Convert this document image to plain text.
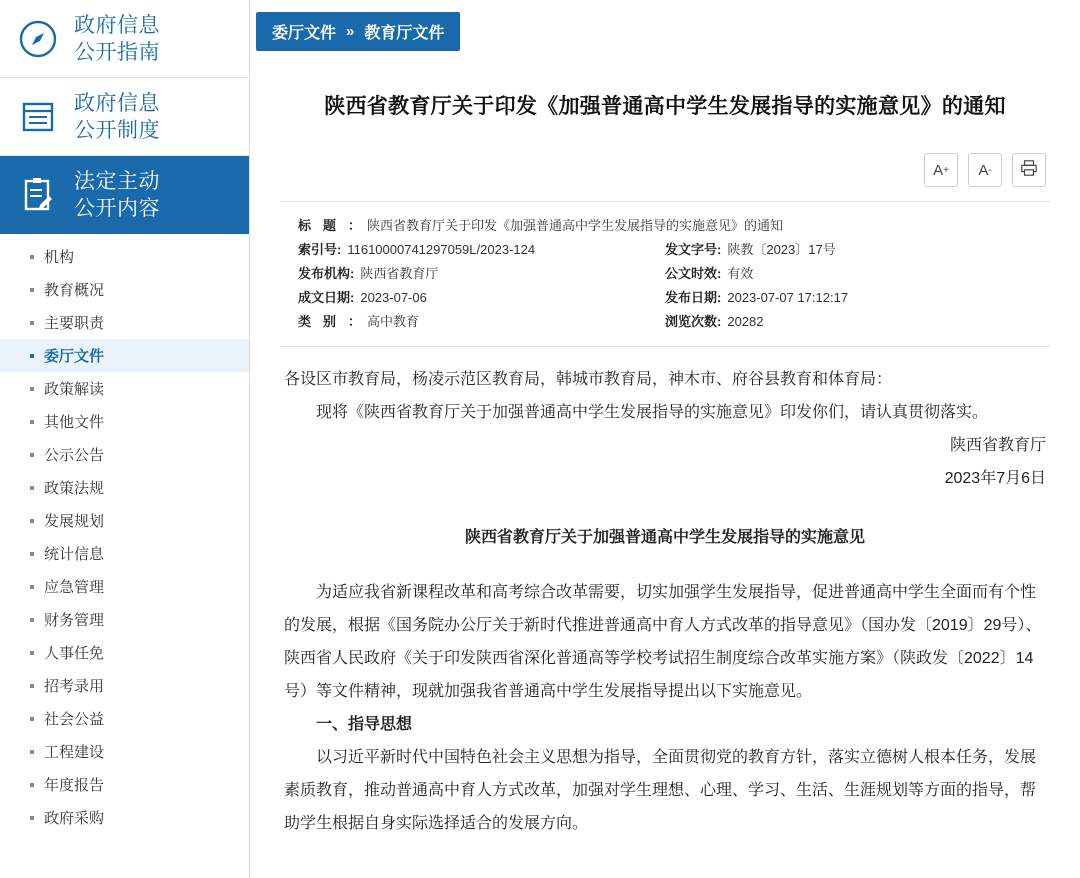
政府信息
公开指南
政府信息
公开制度
法定主动
公开内容
机构
教育概况
主要职责
委厅文件
政策解读
其他文件
公示公告
政策法规
发展规划
统计信息
应急管理
财务管理
人事任免
招考录用
社会公益
工程建设
年度报告
政府采购
委厅文件 » 教育厅文件
陕西省教育厅关于印发《加强普通高中学生发展指导的实施意见》的通知
A + A -
标题 ： 陕西省教育厅关于印发《加强普通高中学生发展指导的实施意见》的通知
索引号: 11610000741297059L/2023-124	发文字号: 陕教〔2023〕17号
发布机构: 陕西省教育厅	公文时效: 有效
成文日期: 2023-07-06	发布日期: 2023-07-07 17:12:17
类别 ： 高中教育	浏览次数: 20282

各设区市教育局，杨凌示范区教育局，韩城市教育局，神木市、府谷县教育和体育局：

现将《陕西省教育厅关于加强普通高中学生发展指导的实施意见》印发你们，请认真贯彻落实。

陕西省教育厅

2023年7月6日

陕西省教育厅关于加强普通高中学生发展指导的实施意见

为适应我省新课程改革和高考综合改革需要，切实加强学生发展指导，促进普通高中学生全面而有个性的发展，根据《国务院办公厅关于新时代推进普通高中育人方式改革的指导意见》（国办发〔2019〕29号）、陕西省人民政府《关于印发陕西省深化普通高等学校考试招生制度综合改革实施方案》（陕政发〔2022〕14号）等文件精神，现就加强我省普通高中学生发展指导提出以下实施意见。

一、指导思想

以习近平新时代中国特色社会主义思想为指导，全面贯彻党的教育方针，落实立德树人根本任务，发展素质教育，推动普通高中育人方式改革，加强对学生理想、心理、学习、生活、生涯规划等方面的指导，帮助学生根据自身实际选择适合的发展方向。
